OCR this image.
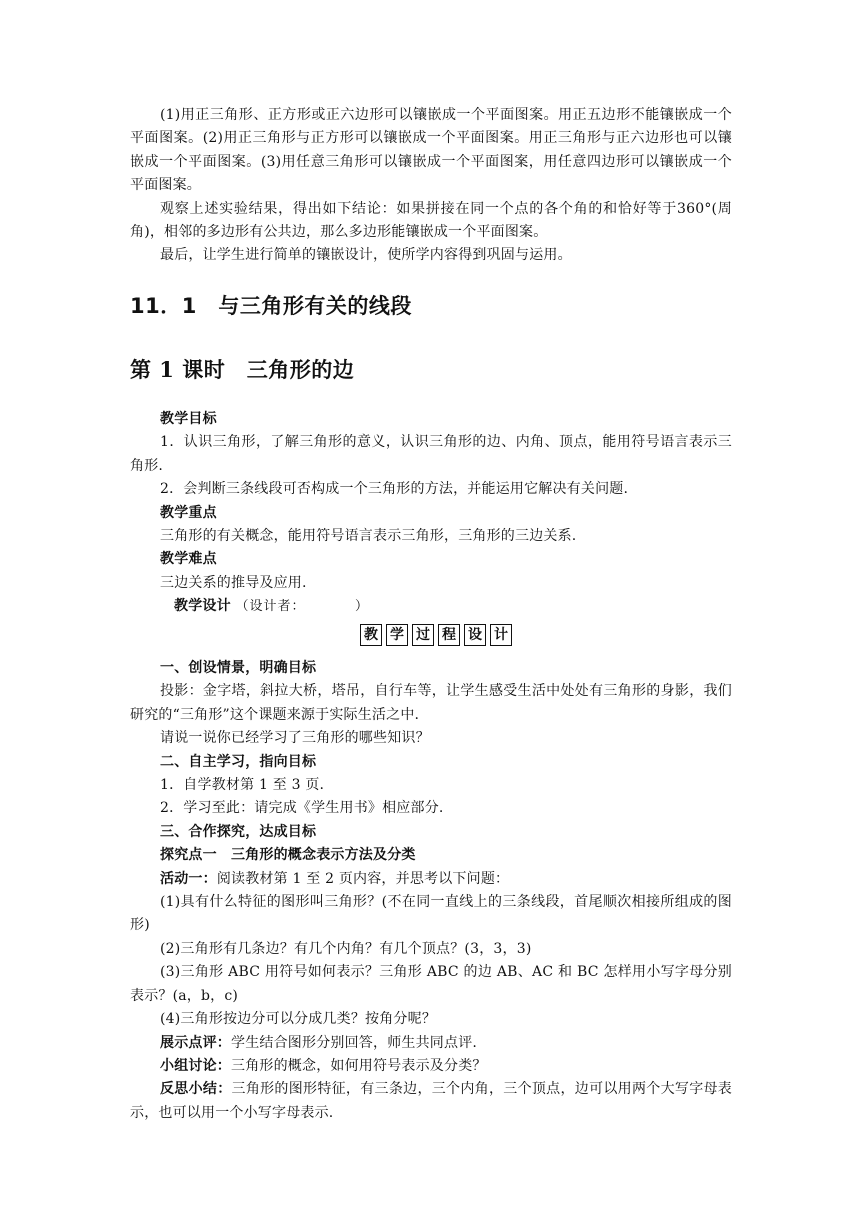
(1)用正三角形、正方形或正六边形可以镶嵌成一个平面图案。用正五边形不能镶嵌成一个平面图案。(2)用正三角形与正方形可以镶嵌成一个平面图案。用正三角形与正六边形也可以镶嵌成一个平面图案。(3)用任意三角形可以镶嵌成一个平面图案，用任意四边形可以镶嵌成一个平面图案。

观察上述实验结果，得出如下结论：如果拼接在同一个点的各个角的和恰好等于360°(周角)，相邻的多边形有公共边，那么多边形能镶嵌成一个平面图案。

最后，让学生进行简单的镶嵌设计，使所学内容得到巩固与运用。

11．1　与三角形有关的线段
第 1 课时　三角形的边

教学目标

1．认识三角形，了解三角形的意义，认识三角形的边、内角、顶点，能用符号语言表示三角形.

2．会判断三条线段可否构成一个三角形的方法，并能运用它解决有关问题.

教学重点

三角形的有关概念，能用符号语言表示三角形，三角形的三边关系.

教学难点

三边关系的推导及应用.

教学设计 （设计者：　　　　）

教 学 过 程 设 计

一、创设情景，明确目标

投影：金字塔，斜拉大桥，塔吊，自行车等，让学生感受生活中处处有三角形的身影，我们研究的“三角形”这个课题来源于实际生活之中.

请说一说你已经学习了三角形的哪些知识？

二、自主学习，指向目标

1．自学教材第 1 至 3 页.

2．学习至此：请完成《学生用书》相应部分.

三、合作探究，达成目标

探究点一　三角形的概念表示方法及分类

活动一：阅读教材第 1 至 2 页内容，并思考以下问题：

(1)具有什么特征的图形叫三角形？(不在同一直线上的三条线段，首尾顺次相接所组成的图形)

(2)三角形有几条边？有几个内角？有几个顶点？(3，3，3)

(3)三角形 ABC 用符号如何表示？三角形 ABC 的边 AB、AC 和 BC 怎样用小写字母分别表示？(a，b，c)

(4)三角形按边分可以分成几类？按角分呢？

展示点评：学生结合图形分别回答，师生共同点评.

小组讨论：三角形的概念，如何用符号表示及分类？

反思小结：三角形的图形特征，有三条边，三个内角，三个顶点，边可以用两个大写字母表示，也可以用一个小写字母表示.
